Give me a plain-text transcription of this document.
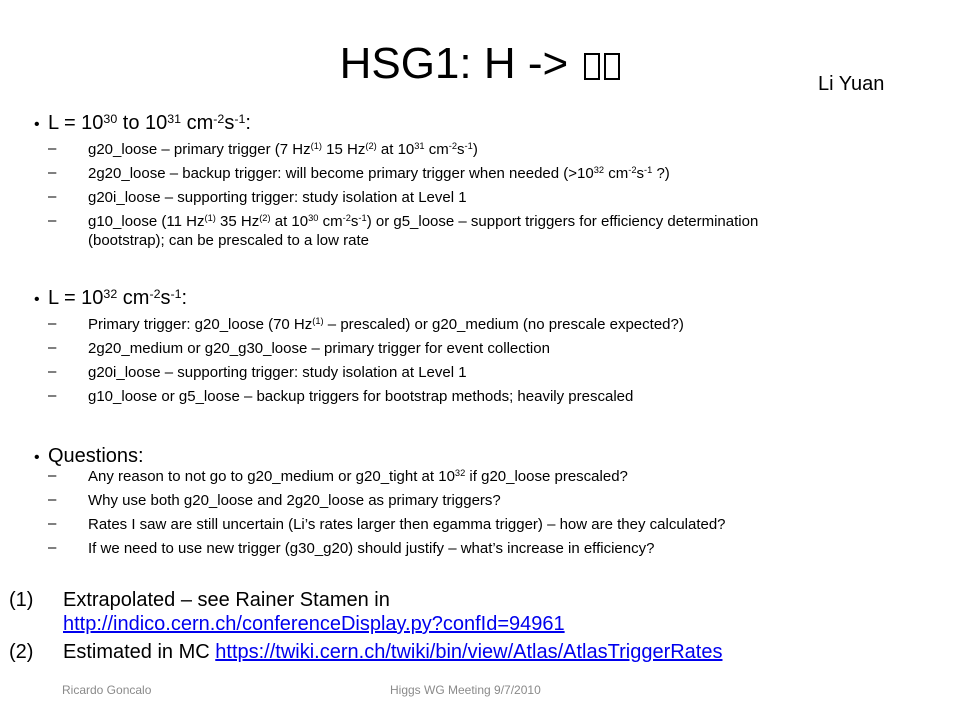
HSG1: H ->	Li Yuan
• $L = 10^{30}$ to $10^{31}$ $cm^{-2}s^{-1}$:
– g20_loose – primary trigger (7 Hz$^{(1)}$ 15 Hz$^{(2)}$ at $10^{31}$ $cm^{-2}s^{-1}$)
– 2g20_loose – backup trigger: will become primary trigger when needed ($>10^{32}$ $cm^{-2}s^{-1}$ ?)
– g20i_loose – supporting trigger: study isolation at Level 1
– g10_loose (11 Hz$^{(1)}$ 35 Hz$^{(2)}$ at $10^{30}$ $cm^{-2}s^{-1}$) or g5_loose – support triggers for efficiency determination
(bootstrap); can be prescaled to a low rate
• $L = 10^{32}$ $cm^{-2}s^{-1}$:
– Primary trigger: g20_loose (70 Hz$^{(1)}$ – prescaled) or g20_medium (no prescale expected?)
– 2g20_medium or g20_g30_loose – primary trigger for event collection
– g20i_loose – supporting trigger: study isolation at Level 1
– g10_loose or g5_loose – backup triggers for bootstrap methods; heavily prescaled
• Questions:
– Any reason to not go to g20_medium or g20_tight at $10^{32}$ if g20_loose prescaled?
– Why use both g20_loose and 2g20_loose as primary triggers?
– Rates I saw are still uncertain (Li’s rates larger then egamma trigger) – how are they calculated?
– If we need to use new trigger (g30_g20) should justify – what’s increase in efficiency?
(1) Extrapolated – see Rainer Stamen in
http://indico.cern.ch/conferenceDisplay.py?confId=94961
(2) Estimated in MC https://twiki.cern.ch/twiki/bin/view/Atlas/AtlasTriggerRates
Ricardo Goncalo	Higgs WG Meeting 9/7/2010
